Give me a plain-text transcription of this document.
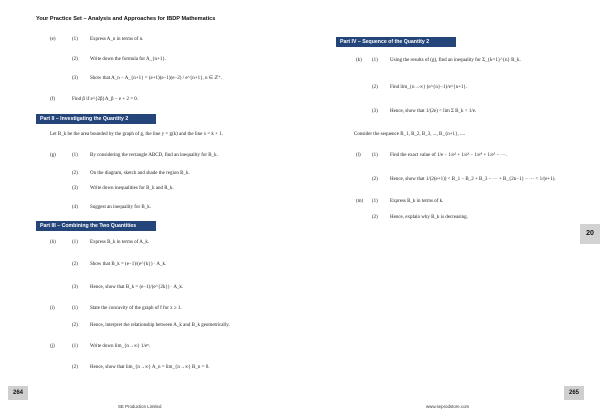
Your Practice Set – Analysis and Approaches for IBDP Mathematics
(e)	(1) Express A_n in terms of n.
(2) Write down the formula for A_{n+1}.
(3) Show that A_n − A_{n+1} = (e+1)(e−1)(e−2) / e^{n+1}, n ∈ ℤ⁺.
(f)	Find β if e^{2β}A_β − e + 2 = 0.
Part II – Investigating the Quantity 2
Let B_k be the area bounded by the graph of g, the line y = g(k) and the line x = k + 1.
(g)	(1) By considering the rectangle ABCD, find an inequality for B_k.
(2) On the diagram, sketch and shade the region B_k.
(3) Write down inequalities for B_k and R_k.
(4) Suggest an inequality for B_k.
Part III – Combining the Two Quantities
(h)	(1) Express B_k in terms of A_k.
(2) Show that B_k = (e−1)/(e^{k}) · A_k.
(3) Hence, show that B_k = (e−1)/(e^{2k}) · A_k.
(i)	(1) State the concavity of the graph of f for x ≥ 1.
(2) Hence, interpret the relationship between A_k and B_k geometrically.
(j)	(1) Write down lim_{n→∞} 1/eⁿ.
(2) Hence, show that lim_{n→∞} A_n = lim_{n→∞} B_n = 0.
264
SE Production Limited
Part IV – Sequence of the Quantity 2
(k) (1) Using the results of (g), find an inequality for Σ_{k=1}^{n} B_k.
(2) Find lim_{n→∞} (e^{n}−1)/e^{n+1}.
(3) Hence, show that 1/(2e) < lim Σ B_k < 1/e.
Consider the sequence B_1, B_2, B_3, ..., B_{n+1}, ....
(l) (1) Find the exact value of 1/e − 1/e² + 1/e³ − 1/e⁴ + 1/e⁵ − ⋯.
(2) Hence, show that 1/(2(e+1)) < B_1 − B_2 + B_3 − ⋯ + B_{2n−1} − ⋯ < 1/(e+1).
(m) (1) Express B_k in terms of k.
(2) Hence, explain why B_k is decreasing.
265
www.seprodstore.com
20
